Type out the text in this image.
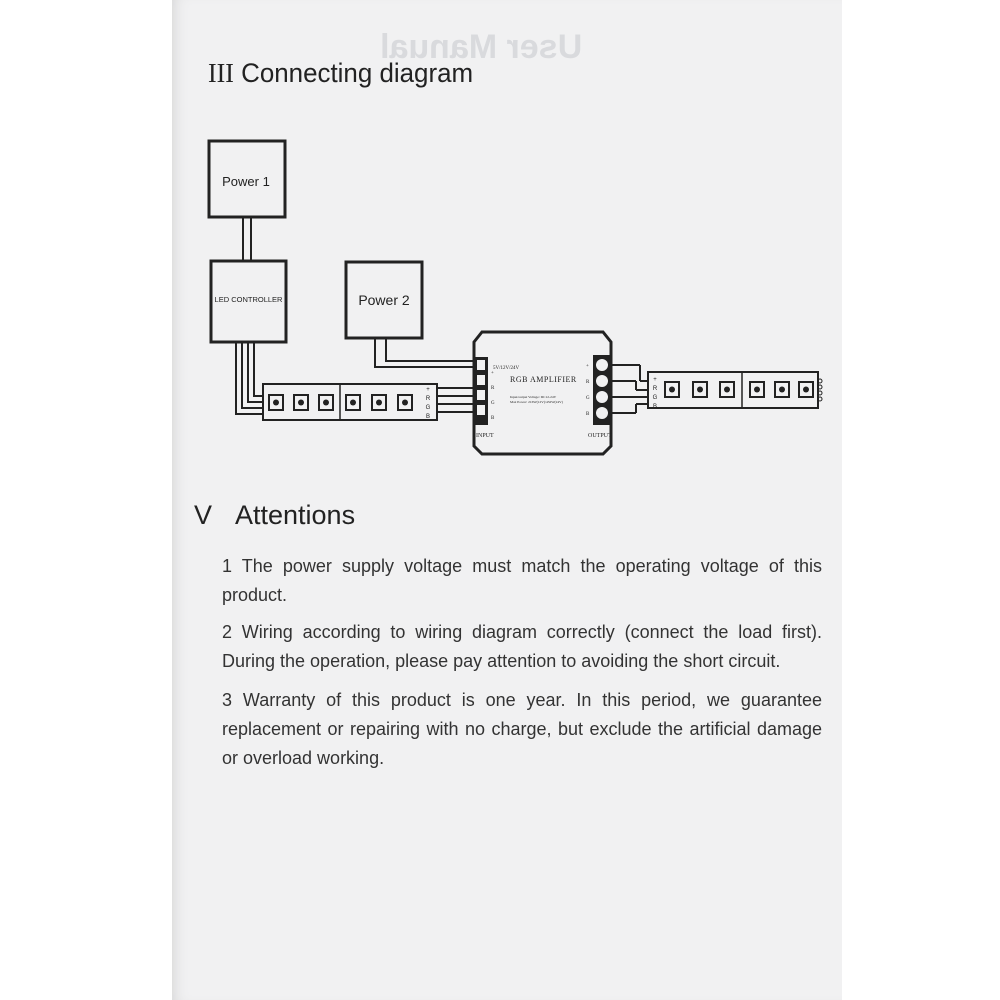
User Manual
III Connecting diagram
Power 1
LED CONTROLLER
+
R
G
B
Power 2
5V/12V/24V
RGB AMPLIFIER
Input/output Voltage: DC12-24V
Max Power: 216W(12V)/432W(24V)
INPUT	OUTPUT
+
R
G
B
+
R
G
B
+
R
G
B
V Attentions

1 The power supply voltage must match the operating voltage of this product.

2 Wiring according to wiring diagram correctly (connect the load first). During the operation, please pay attention to avoiding the short circuit.

3 Warranty of this product is one year. In this period, we guarantee replacement or repairing with no charge, but exclude the artificial damage or overload working.
